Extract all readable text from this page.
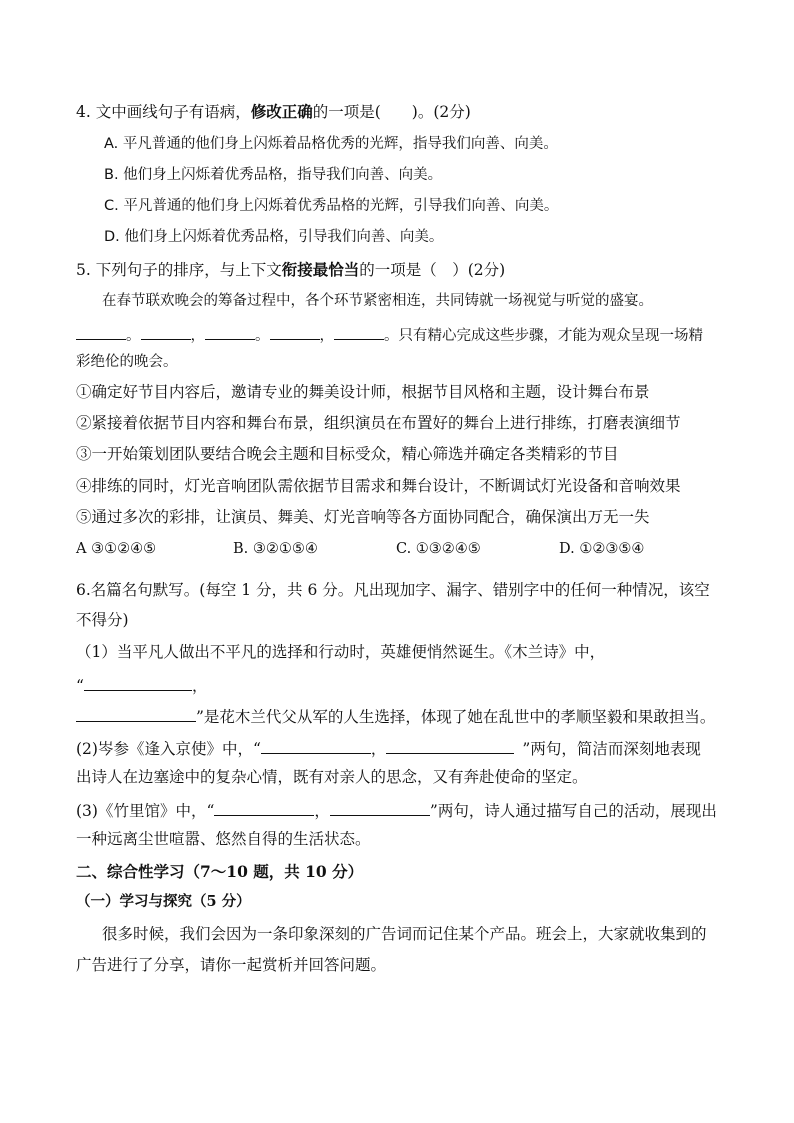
4. 文中画线句子有语病，修改正确的一项是(　　)。(2分)
A. 平凡普通的他们身上闪烁着品格优秀的光辉，指导我们向善、向美。
B. 他们身上闪烁着优秀品格，指导我们向善、向美。
C. 平凡普通的他们身上闪烁着优秀品格的光辉，引导我们向善、向美。
D. 他们身上闪烁着优秀品格，引导我们向善、向美。
5. 下列句子的排序，与上下文衔接最恰当的一项是（　）(2分)
在春节联欢晚会的筹备过程中，各个环节紧密相连，共同铸就一场视觉与听觉的盛宴。
。	，	。	，	。只有精心完成这些步骤，才能为观众呈现一场精
彩绝伦的晚会。
①确定好节目内容后，邀请专业的舞美设计师，根据节目风格和主题，设计舞台布景
②紧接着依据节目内容和舞台布景，组织演员在布置好的舞台上进行排练，打磨表演细节
③一开始策划团队要结合晚会主题和目标受众，精心筛选并确定各类精彩的节目
④排练的同时，灯光音响团队需依据节目需求和舞台设计，不断调试灯光设备和音响效果
⑤通过多次的彩排，让演员、舞美、灯光音响等各方面协同配合，确保演出万无一失
A ③①②④⑤	B. ③②①⑤④	C. ①③②④⑤	D. ①②③⑤④
6.名篇名句默写。(每空 1 分，共 6 分。凡出现加字、漏字、错别字中的任何一种情况，该空
不得分)
（1）当平凡人做出不平凡的选择和行动时，英雄便悄然诞生。《木兰诗》中，
“	，
”是花木兰代父从军的人生选择，体现了她在乱世中的孝顺坚毅和果敢担当。
(2)岑参《逢入京使》中，“	，	”两句，简洁而深刻地表现
出诗人在边塞途中的复杂心情，既有对亲人的思念，又有奔赴使命的坚定。
(3)《竹里馆》中，“	，	”两句，诗人通过描写自己的活动，展现出
一种远离尘世喧嚣、悠然自得的生活状态。
二、综合性学习（7～10 题，共 10 分）
（一）学习与探究（5 分）
很多时候，我们会因为一条印象深刻的广告词而记住某个产品。班会上，大家就收集到的
广告进行了分享，请你一起赏析并回答问题。
